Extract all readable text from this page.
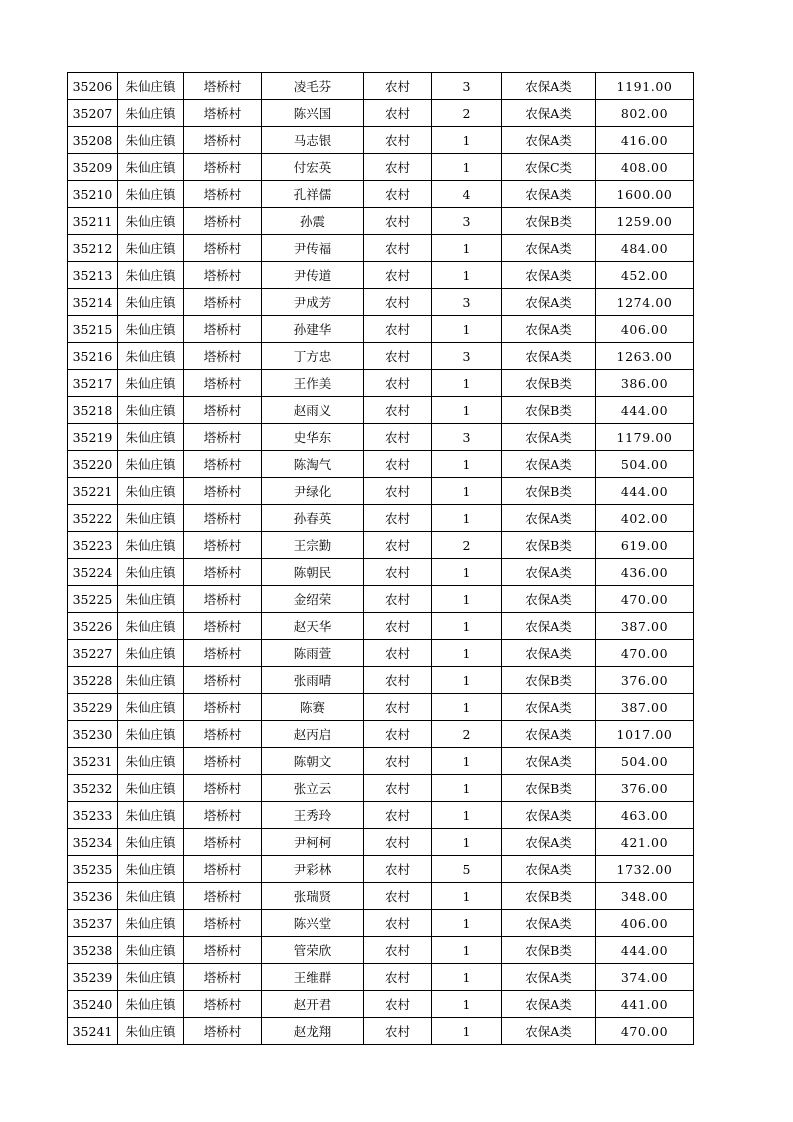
35206	朱仙庄镇	塔桥村	凌毛芬	农村	3	农保A类	1191.00
35207	朱仙庄镇	塔桥村	陈兴国	农村	2	农保A类	802.00
35208	朱仙庄镇	塔桥村	马志银	农村	1	农保A类	416.00
35209	朱仙庄镇	塔桥村	付宏英	农村	1	农保C类	408.00
35210	朱仙庄镇	塔桥村	孔祥儒	农村	4	农保A类	1600.00
35211	朱仙庄镇	塔桥村	孙震	农村	3	农保B类	1259.00
35212	朱仙庄镇	塔桥村	尹传福	农村	1	农保A类	484.00
35213	朱仙庄镇	塔桥村	尹传道	农村	1	农保A类	452.00
35214	朱仙庄镇	塔桥村	尹成芳	农村	3	农保A类	1274.00
35215	朱仙庄镇	塔桥村	孙建华	农村	1	农保A类	406.00
35216	朱仙庄镇	塔桥村	丁方忠	农村	3	农保A类	1263.00
35217	朱仙庄镇	塔桥村	王作美	农村	1	农保B类	386.00
35218	朱仙庄镇	塔桥村	赵雨义	农村	1	农保B类	444.00
35219	朱仙庄镇	塔桥村	史华东	农村	3	农保A类	1179.00
35220	朱仙庄镇	塔桥村	陈淘气	农村	1	农保A类	504.00
35221	朱仙庄镇	塔桥村	尹绿化	农村	1	农保B类	444.00
35222	朱仙庄镇	塔桥村	孙春英	农村	1	农保A类	402.00
35223	朱仙庄镇	塔桥村	王宗勤	农村	2	农保B类	619.00
35224	朱仙庄镇	塔桥村	陈朝民	农村	1	农保A类	436.00
35225	朱仙庄镇	塔桥村	金绍荣	农村	1	农保A类	470.00
35226	朱仙庄镇	塔桥村	赵天华	农村	1	农保A类	387.00
35227	朱仙庄镇	塔桥村	陈雨萱	农村	1	农保A类	470.00
35228	朱仙庄镇	塔桥村	张雨晴	农村	1	农保B类	376.00
35229	朱仙庄镇	塔桥村	陈赛	农村	1	农保A类	387.00
35230	朱仙庄镇	塔桥村	赵丙启	农村	2	农保A类	1017.00
35231	朱仙庄镇	塔桥村	陈朝文	农村	1	农保A类	504.00
35232	朱仙庄镇	塔桥村	张立云	农村	1	农保B类	376.00
35233	朱仙庄镇	塔桥村	王秀玲	农村	1	农保A类	463.00
35234	朱仙庄镇	塔桥村	尹柯柯	农村	1	农保A类	421.00
35235	朱仙庄镇	塔桥村	尹彩林	农村	5	农保A类	1732.00
35236	朱仙庄镇	塔桥村	张瑞贤	农村	1	农保B类	348.00
35237	朱仙庄镇	塔桥村	陈兴堂	农村	1	农保A类	406.00
35238	朱仙庄镇	塔桥村	管荣欣	农村	1	农保B类	444.00
35239	朱仙庄镇	塔桥村	王维群	农村	1	农保A类	374.00
35240	朱仙庄镇	塔桥村	赵开君	农村	1	农保A类	441.00
35241	朱仙庄镇	塔桥村	赵龙翔	农村	1	农保A类	470.00
